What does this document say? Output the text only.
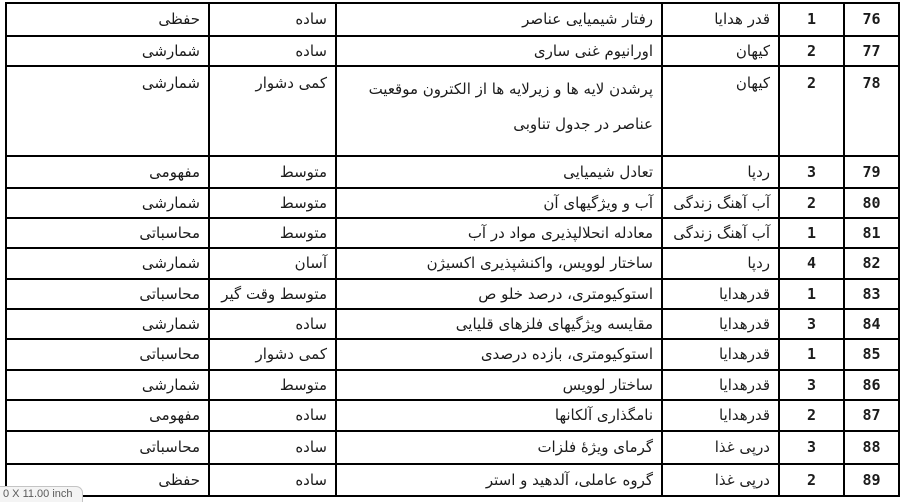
76	1	قدر هدایا	رفتار شیمیایی عناصر	ساده	حفظی
77	2	کیهان	اورانیوم غنی ساری	ساده	شمارشی
78	2	کیهان	پرشدن لایه ها و زیرلایه ها از الکترون موقعیت عناصر در جدول تناوبی	کمی دشوار	شمارشی
79	3	ردپا	تعادل شیمیایی	متوسط	مفهومی
80	2	آب آهنگ زندگی	آب و ویژگیهای آن	متوسط	شمارشی
81	1	آب آهنگ زندگی	معادله انحلالپذیری مواد در آب	متوسط	محاسباتی
82	4	ردپا	ساختار لوویس، واکنشپذیری اکسیژن	آسان	شمارشی
83	1	قدرهدایا	استوکیومتری، درصد خلو ص	متوسط وقت گیر	محاسباتی
84	3	قدرهدایا	مقایسه ویژگیهای فلزهای قلیایی	ساده	شمارشی
85	1	قدرهدایا	استوکیومتری، بازده درصدی	کمی دشوار	محاسباتی
86	3	قدرهدایا	ساختار لوویس	متوسط	شمارشی
87	2	قدرهدایا	نامگذاری آلکانها	ساده	مفهومی
88	3	درپی غذا	گرمای ویژهٔ فلزات	ساده	محاسباتی
89	2	درپی غذا	گروه عاملی، آلدهید و استر	ساده	حفظی
0 X 11.00 inch
